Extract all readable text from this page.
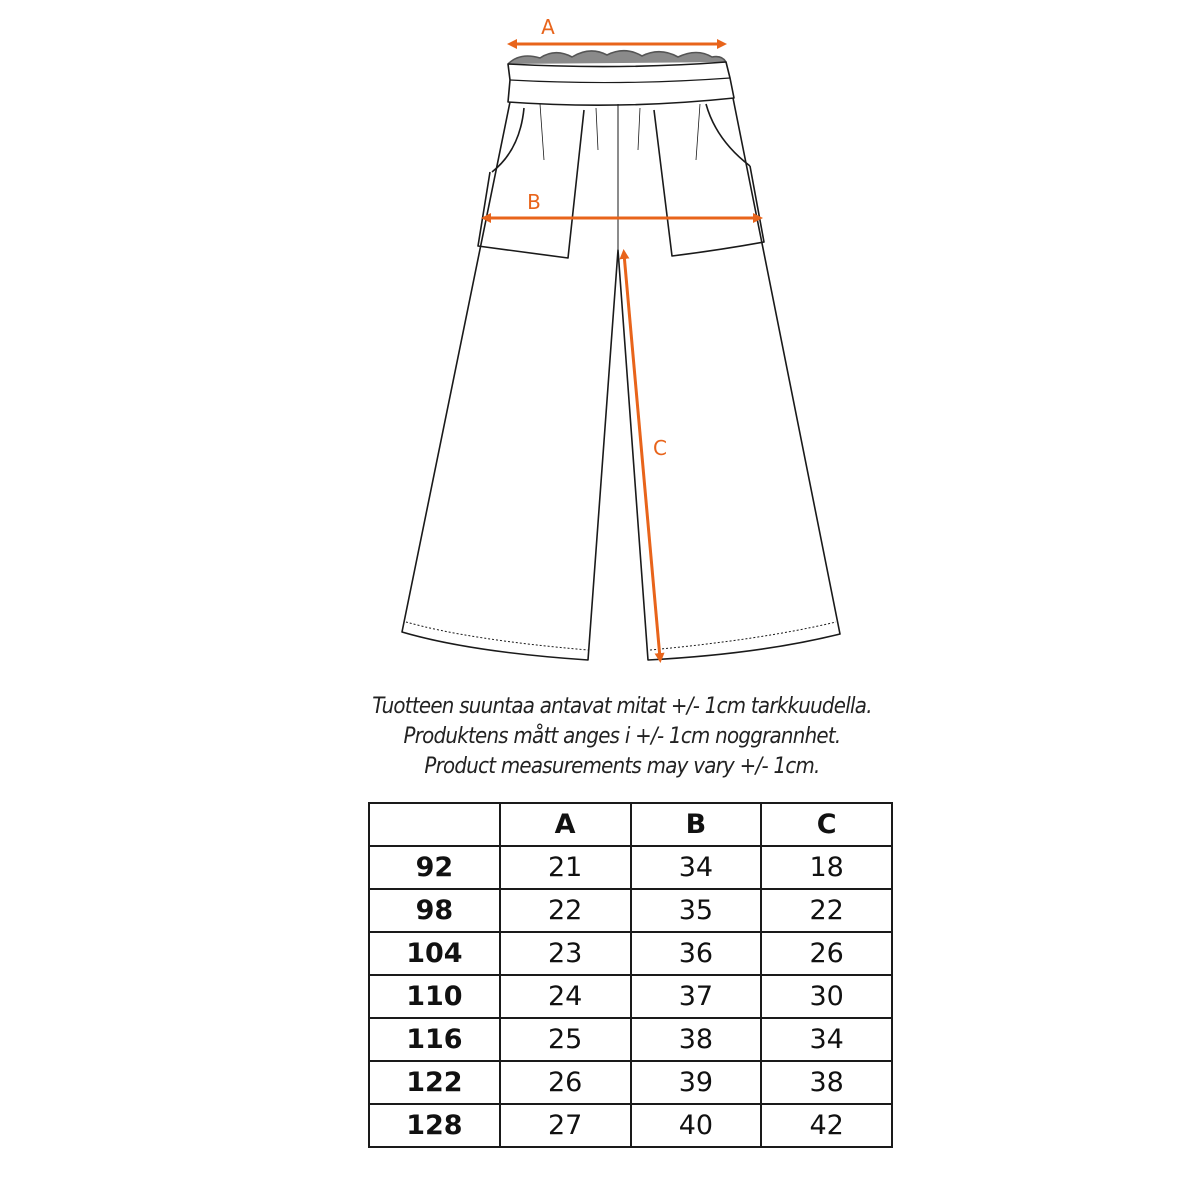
A
B
C
Tuotteen suuntaa antavat mitat +/- 1cm tarkkuudella.
Produktens mått anges i +/- 1cm noggrannhet.
Product measurements may vary +/- 1cm.
	A	B	C
92	21	34	18
98	22	35	22
104	23	36	26
110	24	37	30
116	25	38	34
122	26	39	38
128	27	40	42
